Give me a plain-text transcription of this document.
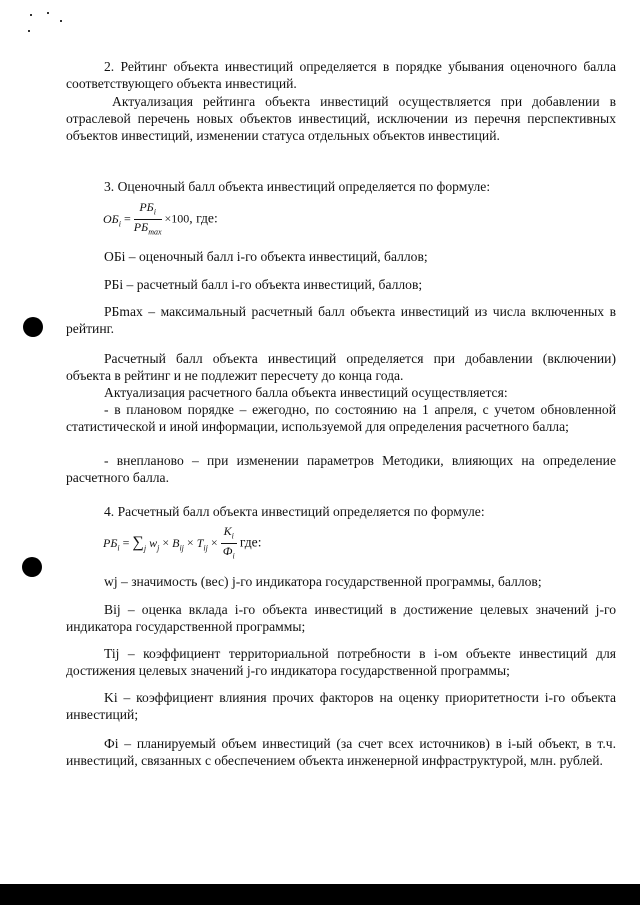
2. Рейтинг объекта инвестиций определяется в порядке убывания оценочного балла соответствующего объекта инвестиций.

Актуализация рейтинга объекта инвестиций осуществляется при добавлении в отраслевой перечень новых объектов инвестиций, исключении из перечня перспективных объектов инвестиций, изменении статуса отдельных объектов инвестиций.

3. Оценочный балл объекта инвестиций определяется по формуле:

$ОБ_i = \frac{РБ_i}{РБ_{max}} \times 100$, где:

ОБi – оценочный балл i-го объекта инвестиций, баллов;

РБi – расчетный балл i-го объекта инвестиций, баллов;

РБmax – максимальный расчетный балл объекта инвестиций из числа включенных в рейтинг.

Расчетный балл объекта инвестиций определяется при добавлении (включении) объекта в рейтинг и не подлежит пересчету до конца года.

Актуализация расчетного балла объекта инвестиций осуществляется:

- в плановом порядке – ежегодно, по состоянию на 1 апреля, с учетом обновленной статистической и иной информации, используемой для определения расчетного балла;

- внепланово – при изменении параметров Методики, влияющих на определение расчетного балла.

4. Расчетный балл объекта инвестиций определяется по формуле:

$РБ_i = \sum_j$ $w_j \times B_{ij} \times T_{ij} \times \frac{K_i}{Ф_i}$ где:

wj – значимость (вес) j-го индикатора государственной программы, баллов;

Bij – оценка вклада i-го объекта инвестиций в достижение целевых значений j-го индикатора государственной программы;

Tij – коэффициент территориальной потребности в i-ом объекте инвестиций для достижения целевых значений j-го индикатора государственной программы;

Ki – коэффициент влияния прочих факторов на оценку приоритетности i-го объекта инвестиций;

Фi – планируемый объем инвестиций (за счет всех источников) в i-ый объект, в т.ч. инвестиций, связанных с обеспечением объекта инженерной инфраструктурой, млн. рублей.
